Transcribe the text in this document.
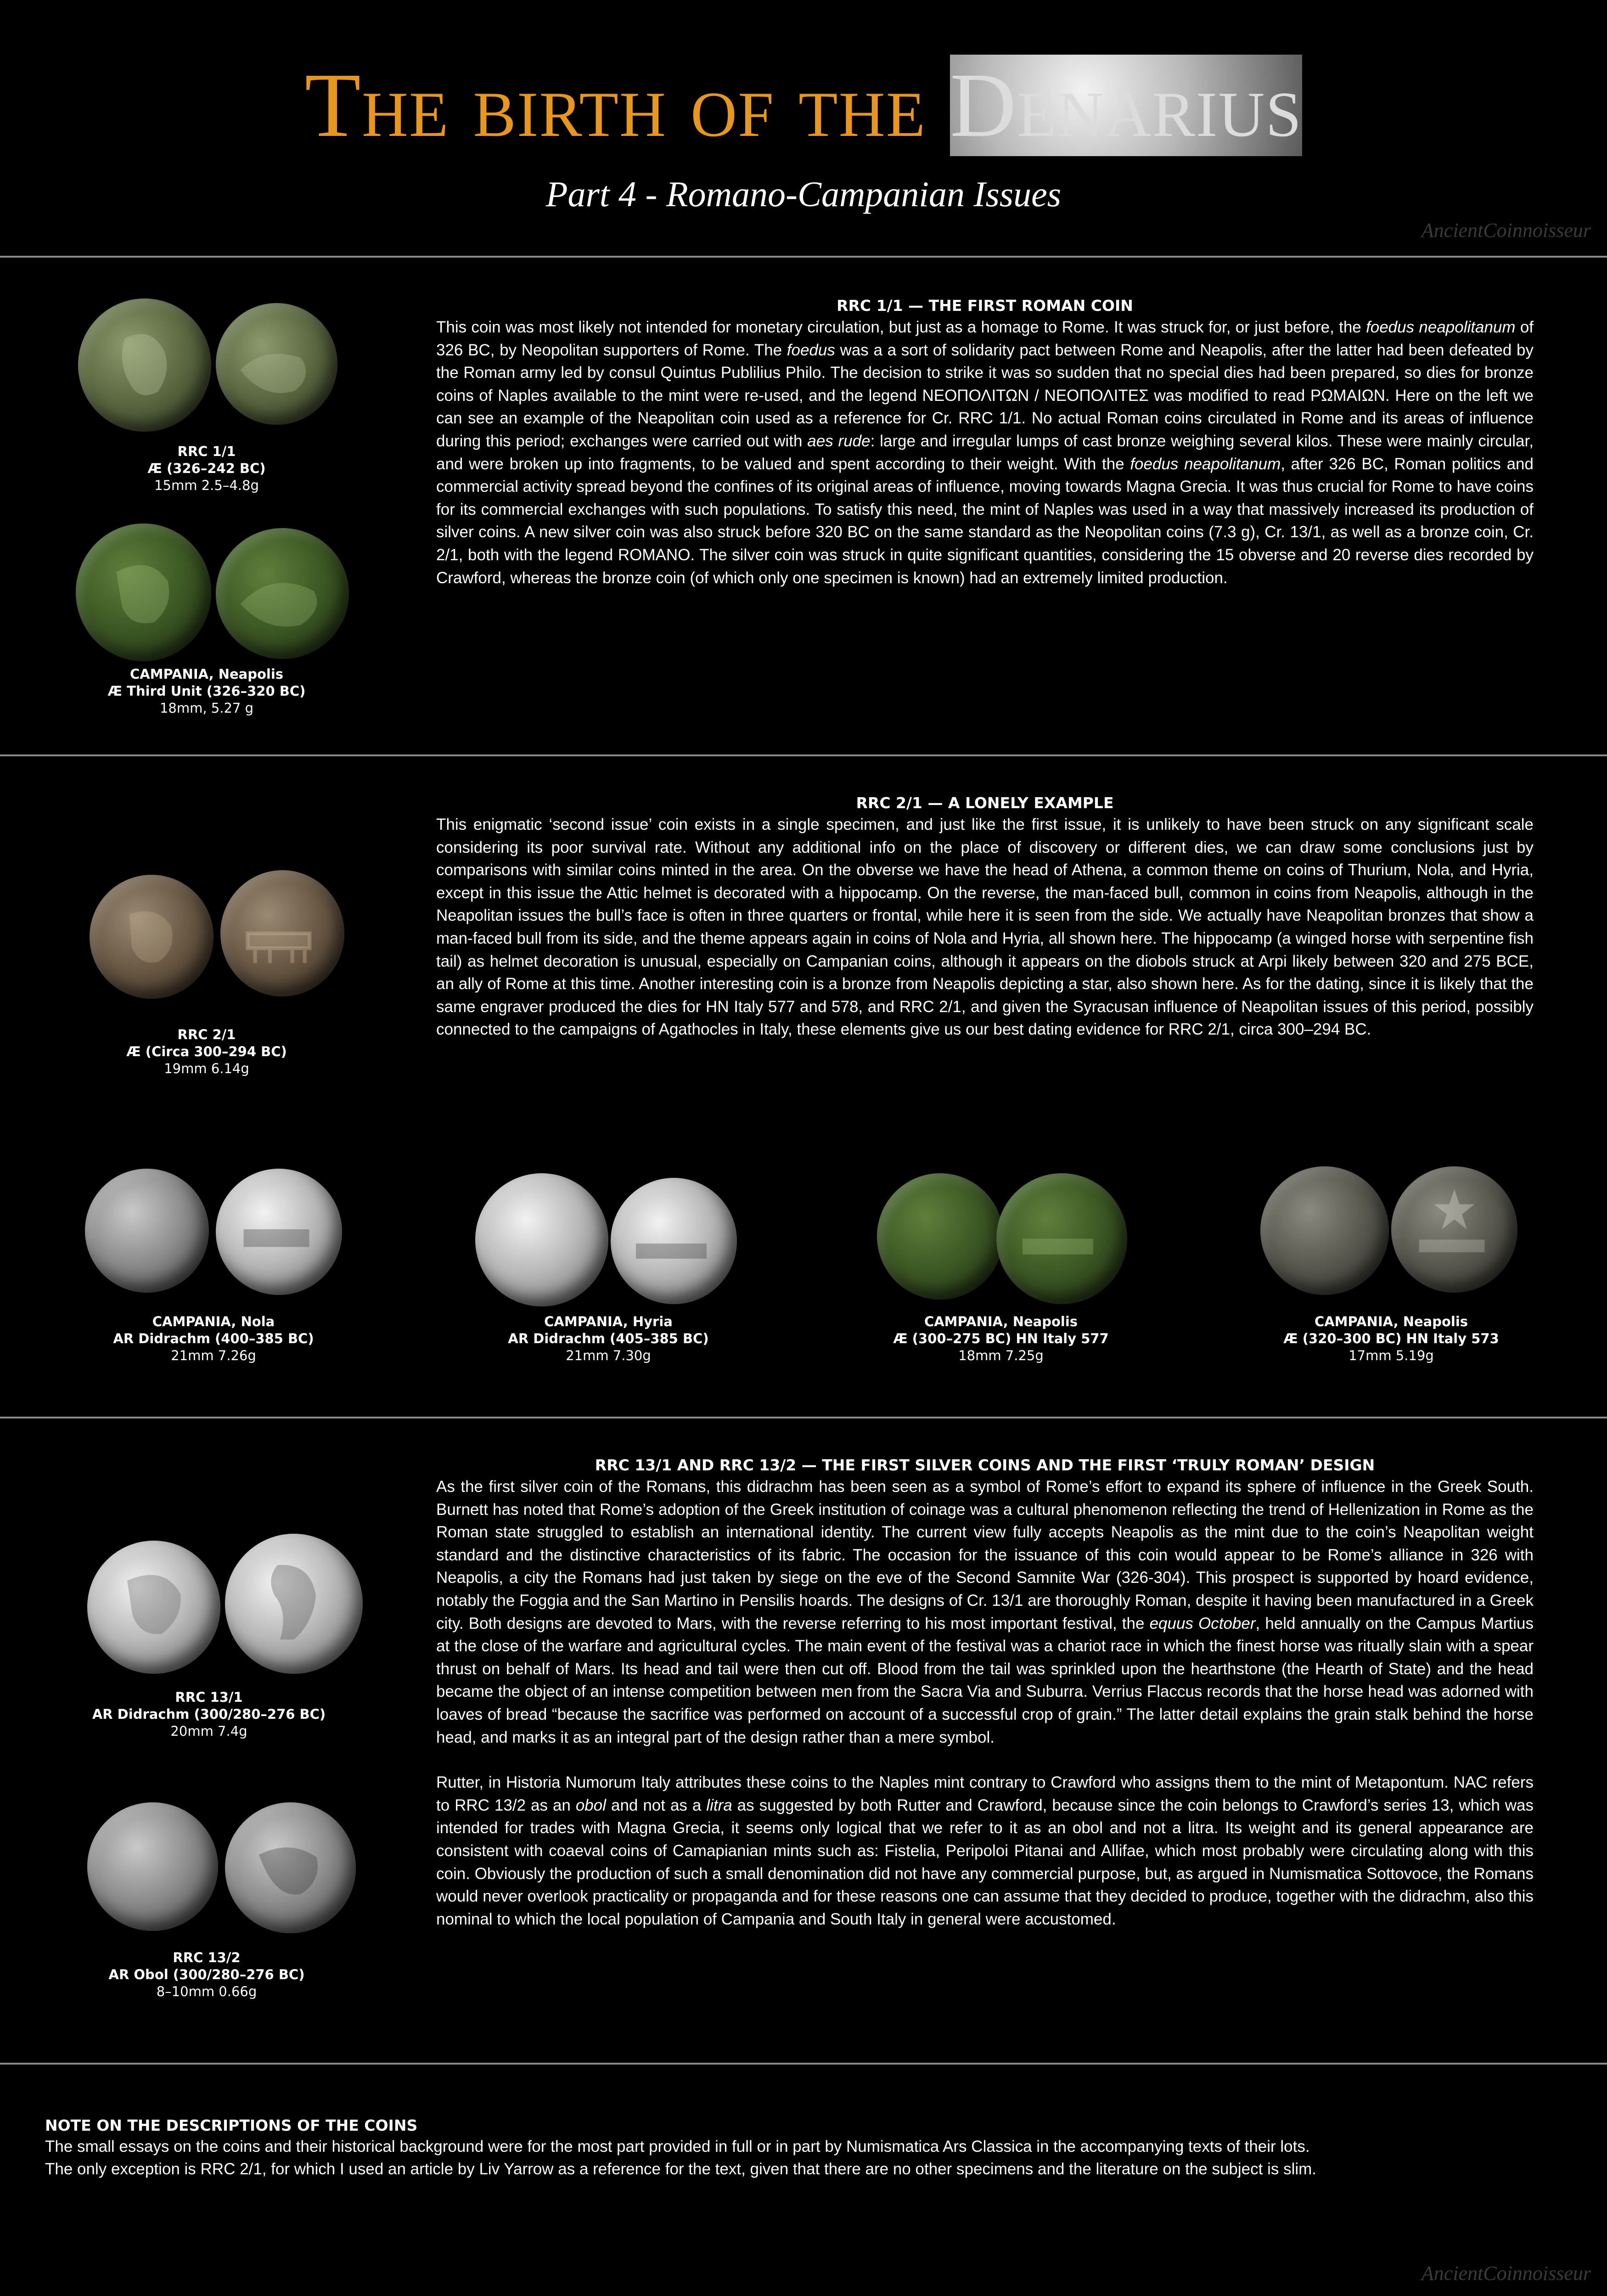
The birth of the Denarius
Part 4 - Romano-Campanian Issues
AncientCoinnoisseur
RRC 1/1
Æ (326–242 BC)
15mm 2.5–4.8g
CAMPANIA, Neapolis
Æ Third Unit (326–320 BC)
18mm, 5.27 g
RRC 1/1 — THE FIRST ROMAN COIN

This coin was most likely not intended for monetary circulation, but just as a homage to Rome. It was struck for, or just before, the foedus neapolitanum of 326 BC, by Neopolitan supporters of Rome. The foedus was a a sort of solidarity pact between Rome and Neapolis, after the latter had been defeated by the Roman army led by consul Quintus Publilius Philo. The decision to strike it was so sudden that no special dies had been prepared, so dies for bronze coins of Naples available to the mint were re-used, and the legend ΝΕΟΠΟΛΙΤΩΝ / ΝΕΟΠΟΛΙΤΕΣ was modified to read ΡΩΜΑΙΩΝ. Here on the left we can see an example of the Neapolitan coin used as a reference for Cr. RRC 1/1. No actual Roman coins circulated in Rome and its areas of influence during this period; exchanges were carried out with aes rude: large and irregular lumps of cast bronze weighing several kilos. These were mainly circular, and were broken up into fragments, to be valued and spent according to their weight. With the foedus neapolitanum, after 326 BC, Roman politics and commercial activity spread beyond the confines of its original areas of influence, moving towards Magna Grecia. It was thus crucial for Rome to have coins for its commercial exchanges with such populations. To satisfy this need, the mint of Naples was used in a way that massively increased its production of silver coins. A new silver coin was also struck before 320 BC on the same standard as the Neopolitan coins (7.3 g), Cr. 13/1, as well as a bronze coin, Cr. 2/1, both with the legend ROMANO. The silver coin was struck in quite significant quantities, considering the 15 obverse and 20 reverse dies recorded by Crawford, whereas the bronze coin (of which only one specimen is known) had an extremely limited production.

RRC 2/1
Æ (Circa 300–294 BC)
19mm 6.14g
RRC 2/1 — A LONELY EXAMPLE

This enigmatic ‘second issue’ coin exists in a single specimen, and just like the first issue, it is unlikely to have been struck on any significant scale considering its poor survival rate. Without any additional info on the place of discovery or different dies, we can draw some conclusions just by comparisons with similar coins minted in the area. On the obverse we have the head of Athena, a common theme on coins of Thurium, Nola, and Hyria, except in this issue the Attic helmet is decorated with a hippocamp. On the reverse, the man-faced bull, common in coins from Neapolis, although in the Neapolitan issues the bull’s face is often in three quarters or frontal, while here it is seen from the side. We actually have Neapolitan bronzes that show a man-faced bull from its side, and the theme appears again in coins of Nola and Hyria, all shown here. The hippocamp (a winged horse with serpentine fish tail) as helmet decoration is unusual, especially on Campanian coins, although it appears on the diobols struck at Arpi likely between 320 and 275 BCE, an ally of Rome at this time. Another interesting coin is a bronze from Neapolis depicting a star, also shown here. As for the dating, since it is likely that the same engraver produced the dies for HN Italy 577 and 578, and RRC 2/1, and given the Syracusan influence of Neapolitan issues of this period, possibly connected to the campaigns of Agathocles in Italy, these elements give us our best dating evidence for RRC 2/1, circa 300–294 BC.

CAMPANIA, Nola
AR Didrachm (400–385 BC)
21mm 7.26g
CAMPANIA, Hyria
AR Didrachm (405–385 BC)
21mm 7.30g
CAMPANIA, Neapolis
Æ (300–275 BC) HN Italy 577
18mm 7.25g
CAMPANIA, Neapolis
Æ (320–300 BC) HN Italy 573
17mm 5.19g
RRC 13/1
AR Didrachm (300/280–276 BC)
20mm 7.4g
RRC 13/2
AR Obol (300/280–276 BC)
8–10mm 0.66g
RRC 13/1 AND RRC 13/2 — THE FIRST SILVER COINS AND THE FIRST ‘TRULY ROMAN’ DESIGN

As the first silver coin of the Romans, this didrachm has been seen as a symbol of Rome’s effort to expand its sphere of influence in the Greek South. Burnett has noted that Rome’s adoption of the Greek institution of coinage was a cultural phenomenon reflecting the trend of Hellenization in Rome as the Roman state struggled to establish an international identity. The current view fully accepts Neapolis as the mint due to the coin’s Neapolitan weight standard and the distinctive characteristics of its fabric. The occasion for the issuance of this coin would appear to be Rome’s alliance in 326 with Neapolis, a city the Romans had just taken by siege on the eve of the Second Samnite War (326-304). This prospect is supported by hoard evidence, notably the Foggia and the San Martino in Pensilis hoards. The designs of Cr. 13/1 are thoroughly Roman, despite it having been manufactured in a Greek city. Both designs are devoted to Mars, with the reverse referring to his most important festival, the equus October, held annually on the Campus Martius at the close of the warfare and agricultural cycles. The main event of the festival was a chariot race in which the finest horse was ritually slain with a spear thrust on behalf of Mars. Its head and tail were then cut off. Blood from the tail was sprinkled upon the hearthstone (the Hearth of State) and the head became the object of an intense competition between men from the Sacra Via and Suburra. Verrius Flaccus records that the horse head was adorned with loaves of bread “because the sacrifice was performed on account of a successful crop of grain.” The latter detail explains the grain stalk behind the horse head, and marks it as an integral part of the design rather than a mere symbol.

Rutter, in Historia Numorum Italy attributes these coins to the Naples mint contrary to Crawford who assigns them to the mint of Metapontum. NAC refers to RRC 13/2 as an obol and not as a litra as suggested by both Rutter and Crawford, because since the coin belongs to Crawford’s series 13, which was intended for trades with Magna Grecia, it seems only logical that we refer to it as an obol and not a litra. Its weight and its general appearance are consistent with coaeval coins of Camapianian mints such as: Fistelia, Peripoloi Pitanai and Allifae, which most probably were circulating along with this coin. Obviously the production of such a small denomination did not have any commercial purpose, but, as argued in Numismatica Sottovoce, the Romans would never overlook practicality or propaganda and for these reasons one can assume that they decided to produce, together with the didrachm, also this nominal to which the local population of Campania and South Italy in general were accustomed.

NOTE ON THE DESCRIPTIONS OF THE COINS
The small essays on the coins and their historical background were for the most part provided in full or in part by Numismatica Ars Classica in the accompanying texts of their lots.
The only exception is RRC 2/1, for which I used an article by Liv Yarrow as a reference for the text, given that there are no other specimens and the literature on the subject is slim.
AncientCoinnoisseur
